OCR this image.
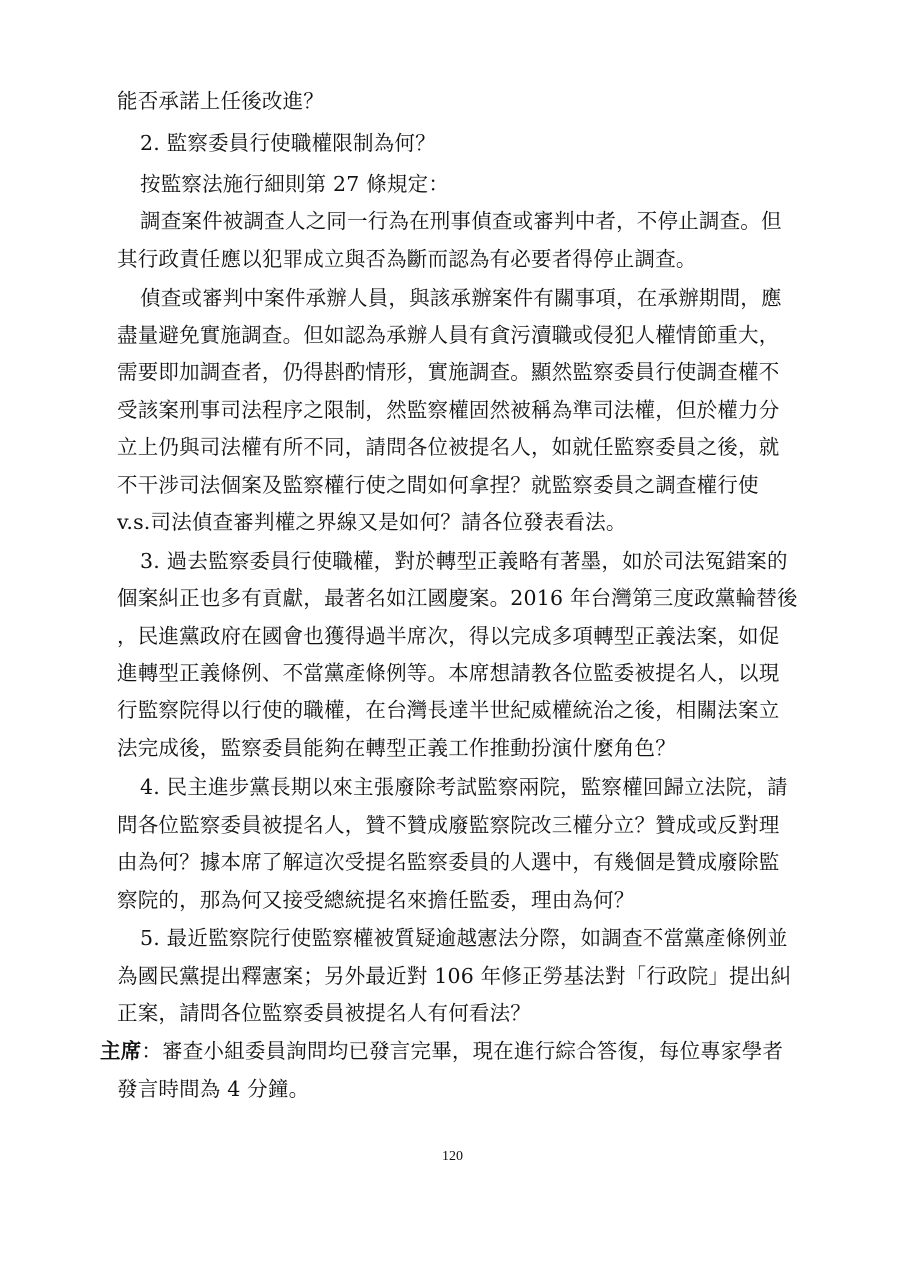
能否承諾上任後改進？
2. 監察委員行使職權限制為何？
按監察法施行細則第 27 條規定：
調查案件被調查人之同一行為在刑事偵查或審判中者，不停止調查。但
其行政責任應以犯罪成立與否為斷而認為有必要者得停止調查。
偵查或審判中案件承辦人員，與該承辦案件有關事項，在承辦期間，應
盡量避免實施調查。但如認為承辦人員有貪污瀆職或侵犯人權情節重大，
需要即加調查者，仍得斟酌情形，實施調查。顯然監察委員行使調查權不
受該案刑事司法程序之限制，然監察權固然被稱為準司法權，但於權力分
立上仍與司法權有所不同，請問各位被提名人，如就任監察委員之後，就
不干涉司法個案及監察權行使之間如何拿捏？就監察委員之調查權行使
v.s.司法偵查審判權之界線又是如何？請各位發表看法。
3. 過去監察委員行使職權，對於轉型正義略有著墨，如於司法冤錯案的
個案糾正也多有貢獻，最著名如江國慶案。2016 年台灣第三度政黨輪替後
，民進黨政府在國會也獲得過半席次，得以完成多項轉型正義法案，如促
進轉型正義條例、不當黨產條例等。本席想請教各位監委被提名人，以現
行監察院得以行使的職權，在台灣長達半世紀威權統治之後，相關法案立
法完成後，監察委員能夠在轉型正義工作推動扮演什麼角色？
4. 民主進步黨長期以來主張廢除考試監察兩院，監察權回歸立法院，請
問各位監察委員被提名人，贊不贊成廢監察院改三權分立？贊成或反對理
由為何？據本席了解這次受提名監察委員的人選中，有幾個是贊成廢除監
察院的，那為何又接受總統提名來擔任監委，理由為何？
5. 最近監察院行使監察權被質疑逾越憲法分際，如調查不當黨產條例並
為國民黨提出釋憲案；另外最近對 106 年修正勞基法對「行政院」提出糾
正案，請問各位監察委員被提名人有何看法？
主席：審查小組委員詢問均已發言完畢，現在進行綜合答復，每位專家學者
發言時間為 4 分鐘。
120
